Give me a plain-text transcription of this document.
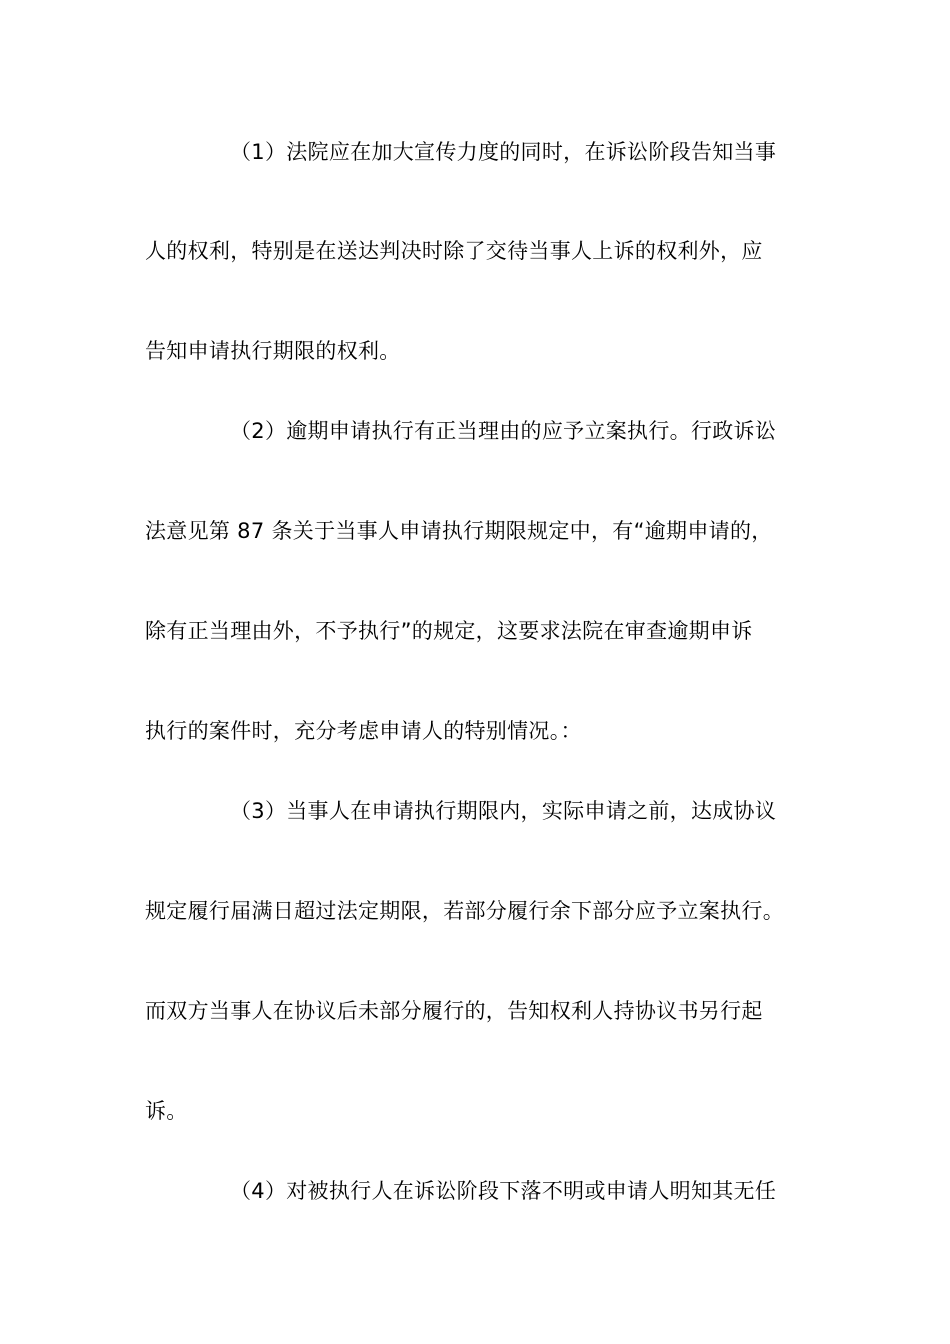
（1）法院应在加大宣传力度的同时，在诉讼阶段告知当事
人的权利，特别是在送达判决时除了交待当事人上诉的权利外，应
告知申请执行期限的权利。
（2）逾期申请执行有正当理由的应予立案执行。行政诉讼
法意见第 87 条关于当事人申请执行期限规定中，有“逾期申请的，
除有正当理由外，不予执行”的规定，这要求法院在审查逾期申诉
执行的案件时，充分考虑申请人的特别情况。：
（3）当事人在申请执行期限内，实际申请之前，达成协议
规定履行届满日超过法定期限，若部分履行余下部分应予立案执行。
而双方当事人在协议后未部分履行的，告知权利人持协议书另行起
诉。
（4）对被执行人在诉讼阶段下落不明或申请人明知其无任
